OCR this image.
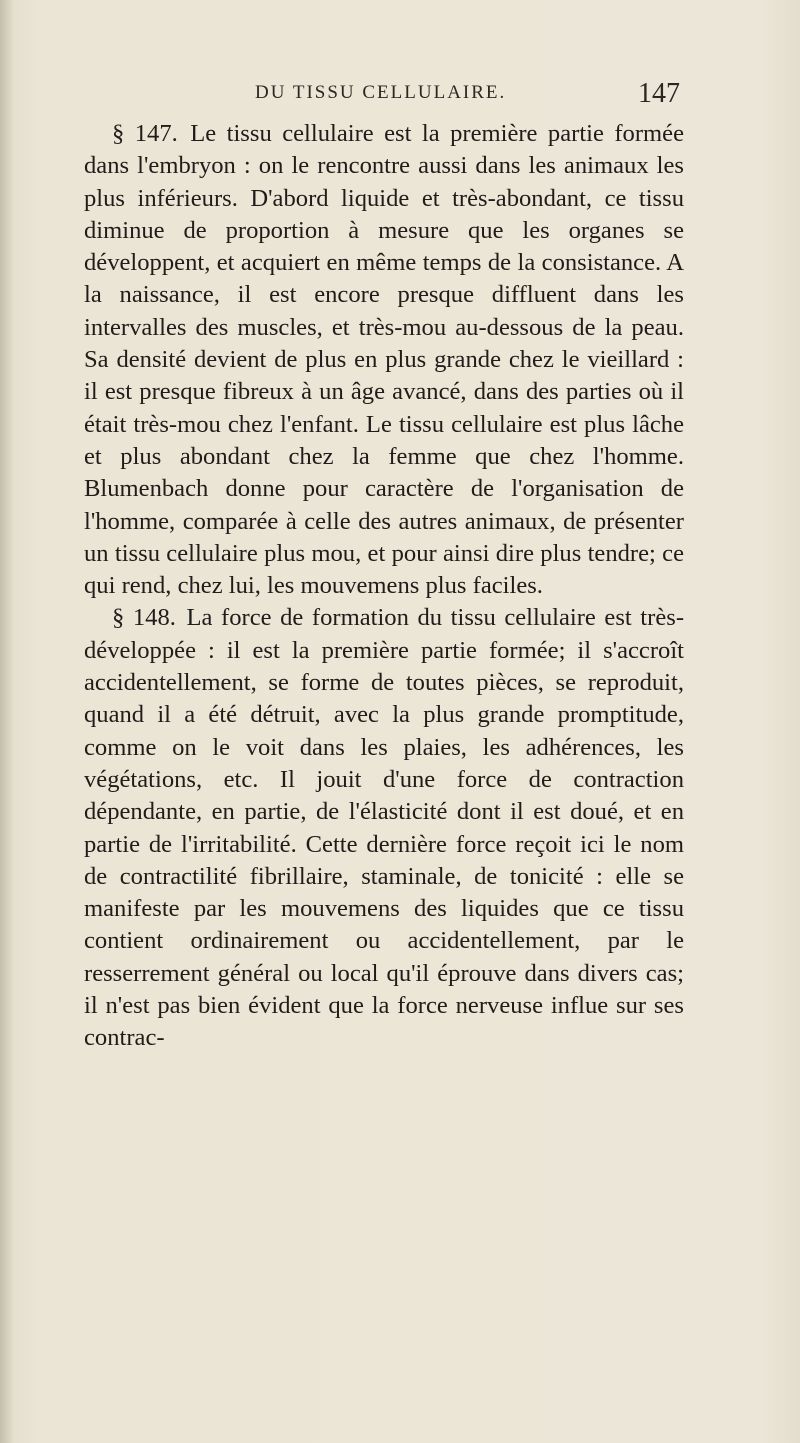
DU TISSU CELLULAIRE.	147

§ 147. Le tissu cellulaire est la première partie formée dans l'embryon : on le rencontre aussi dans les animaux les plus inférieurs. D'abord liquide et très-abondant, ce tissu diminue de proportion à mesure que les organes se développent, et acquiert en même temps de la consistance. A la naissance, il est encore presque diffluent dans les intervalles des muscles, et très-mou au-dessous de la peau. Sa densité devient de plus en plus grande chez le vieillard : il est presque fibreux à un âge avancé, dans des parties où il était très-mou chez l'enfant. Le tissu cellulaire est plus lâche et plus abondant chez la femme que chez l'homme. Blumenbach donne pour caractère de l'organisation de l'homme, comparée à celle des autres animaux, de présenter un tissu cellulaire plus mou, et pour ainsi dire plus tendre; ce qui rend, chez lui, les mouvemens plus faciles.

§ 148. La force de formation du tissu cellulaire est très-développée : il est la première partie formée; il s'accroît accidentellement, se forme de toutes pièces, se reproduit, quand il a été détruit, avec la plus grande promptitude, comme on le voit dans les plaies, les adhérences, les végétations, etc. Il jouit d'une force de contraction dépendante, en partie, de l'élasticité dont il est doué, et en partie de l'irritabilité. Cette dernière force reçoit ici le nom de contractilité fibrillaire, staminale, de tonicité : elle se manifeste par les mouvemens des liquides que ce tissu contient ordinairement ou accidentellement, par le resserrement général ou local qu'il éprouve dans divers cas; il n'est pas bien évident que la force nerveuse influe sur ses contrac-
